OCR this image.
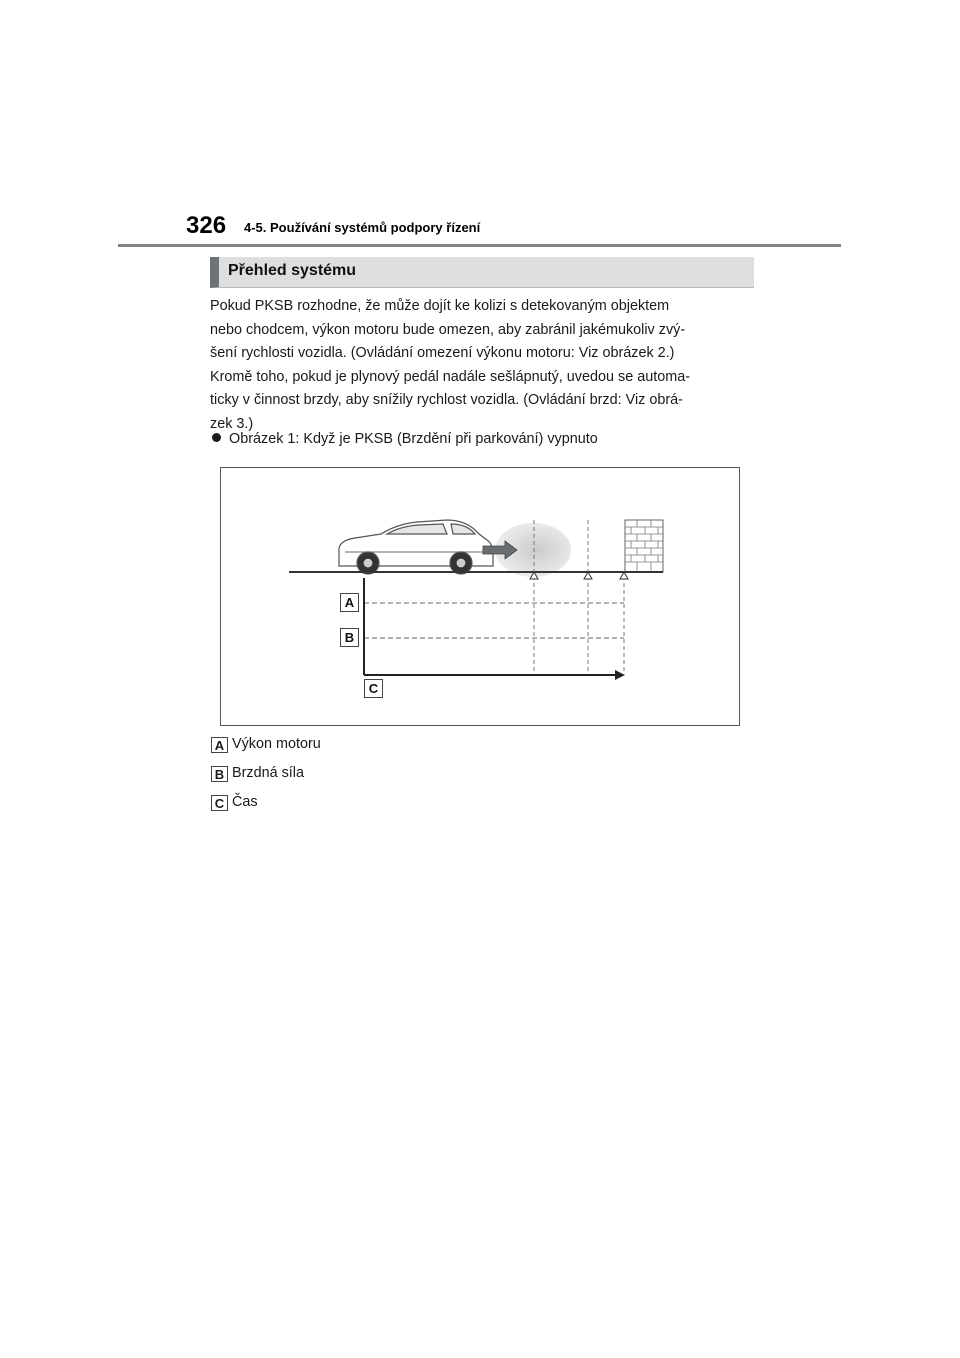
326 4-5. Používání systémů podpory řízení
Přehled systému
Pokud PKSB rozhodne, že může dojít ke kolizi s detekovaným objektem
nebo chodcem, výkon motoru bude omezen, aby zabránil jakémukoliv zvý-
šení rychlosti vozidla. (Ovládání omezení výkonu motoru: Viz obrázek 2.)
Kromě toho, pokud je plynový pedál nadále sešlápnutý, uvedou se automa-
ticky v činnost brzdy, aby snížily rychlost vozidla. (Ovládání brzd: Viz obrá-
zek 3.)
Obrázek 1: Když je PKSB (Brzdění při parkování) vypnuto
A
B
C
A Výkon motoru
B Brzdná síla
C Čas
